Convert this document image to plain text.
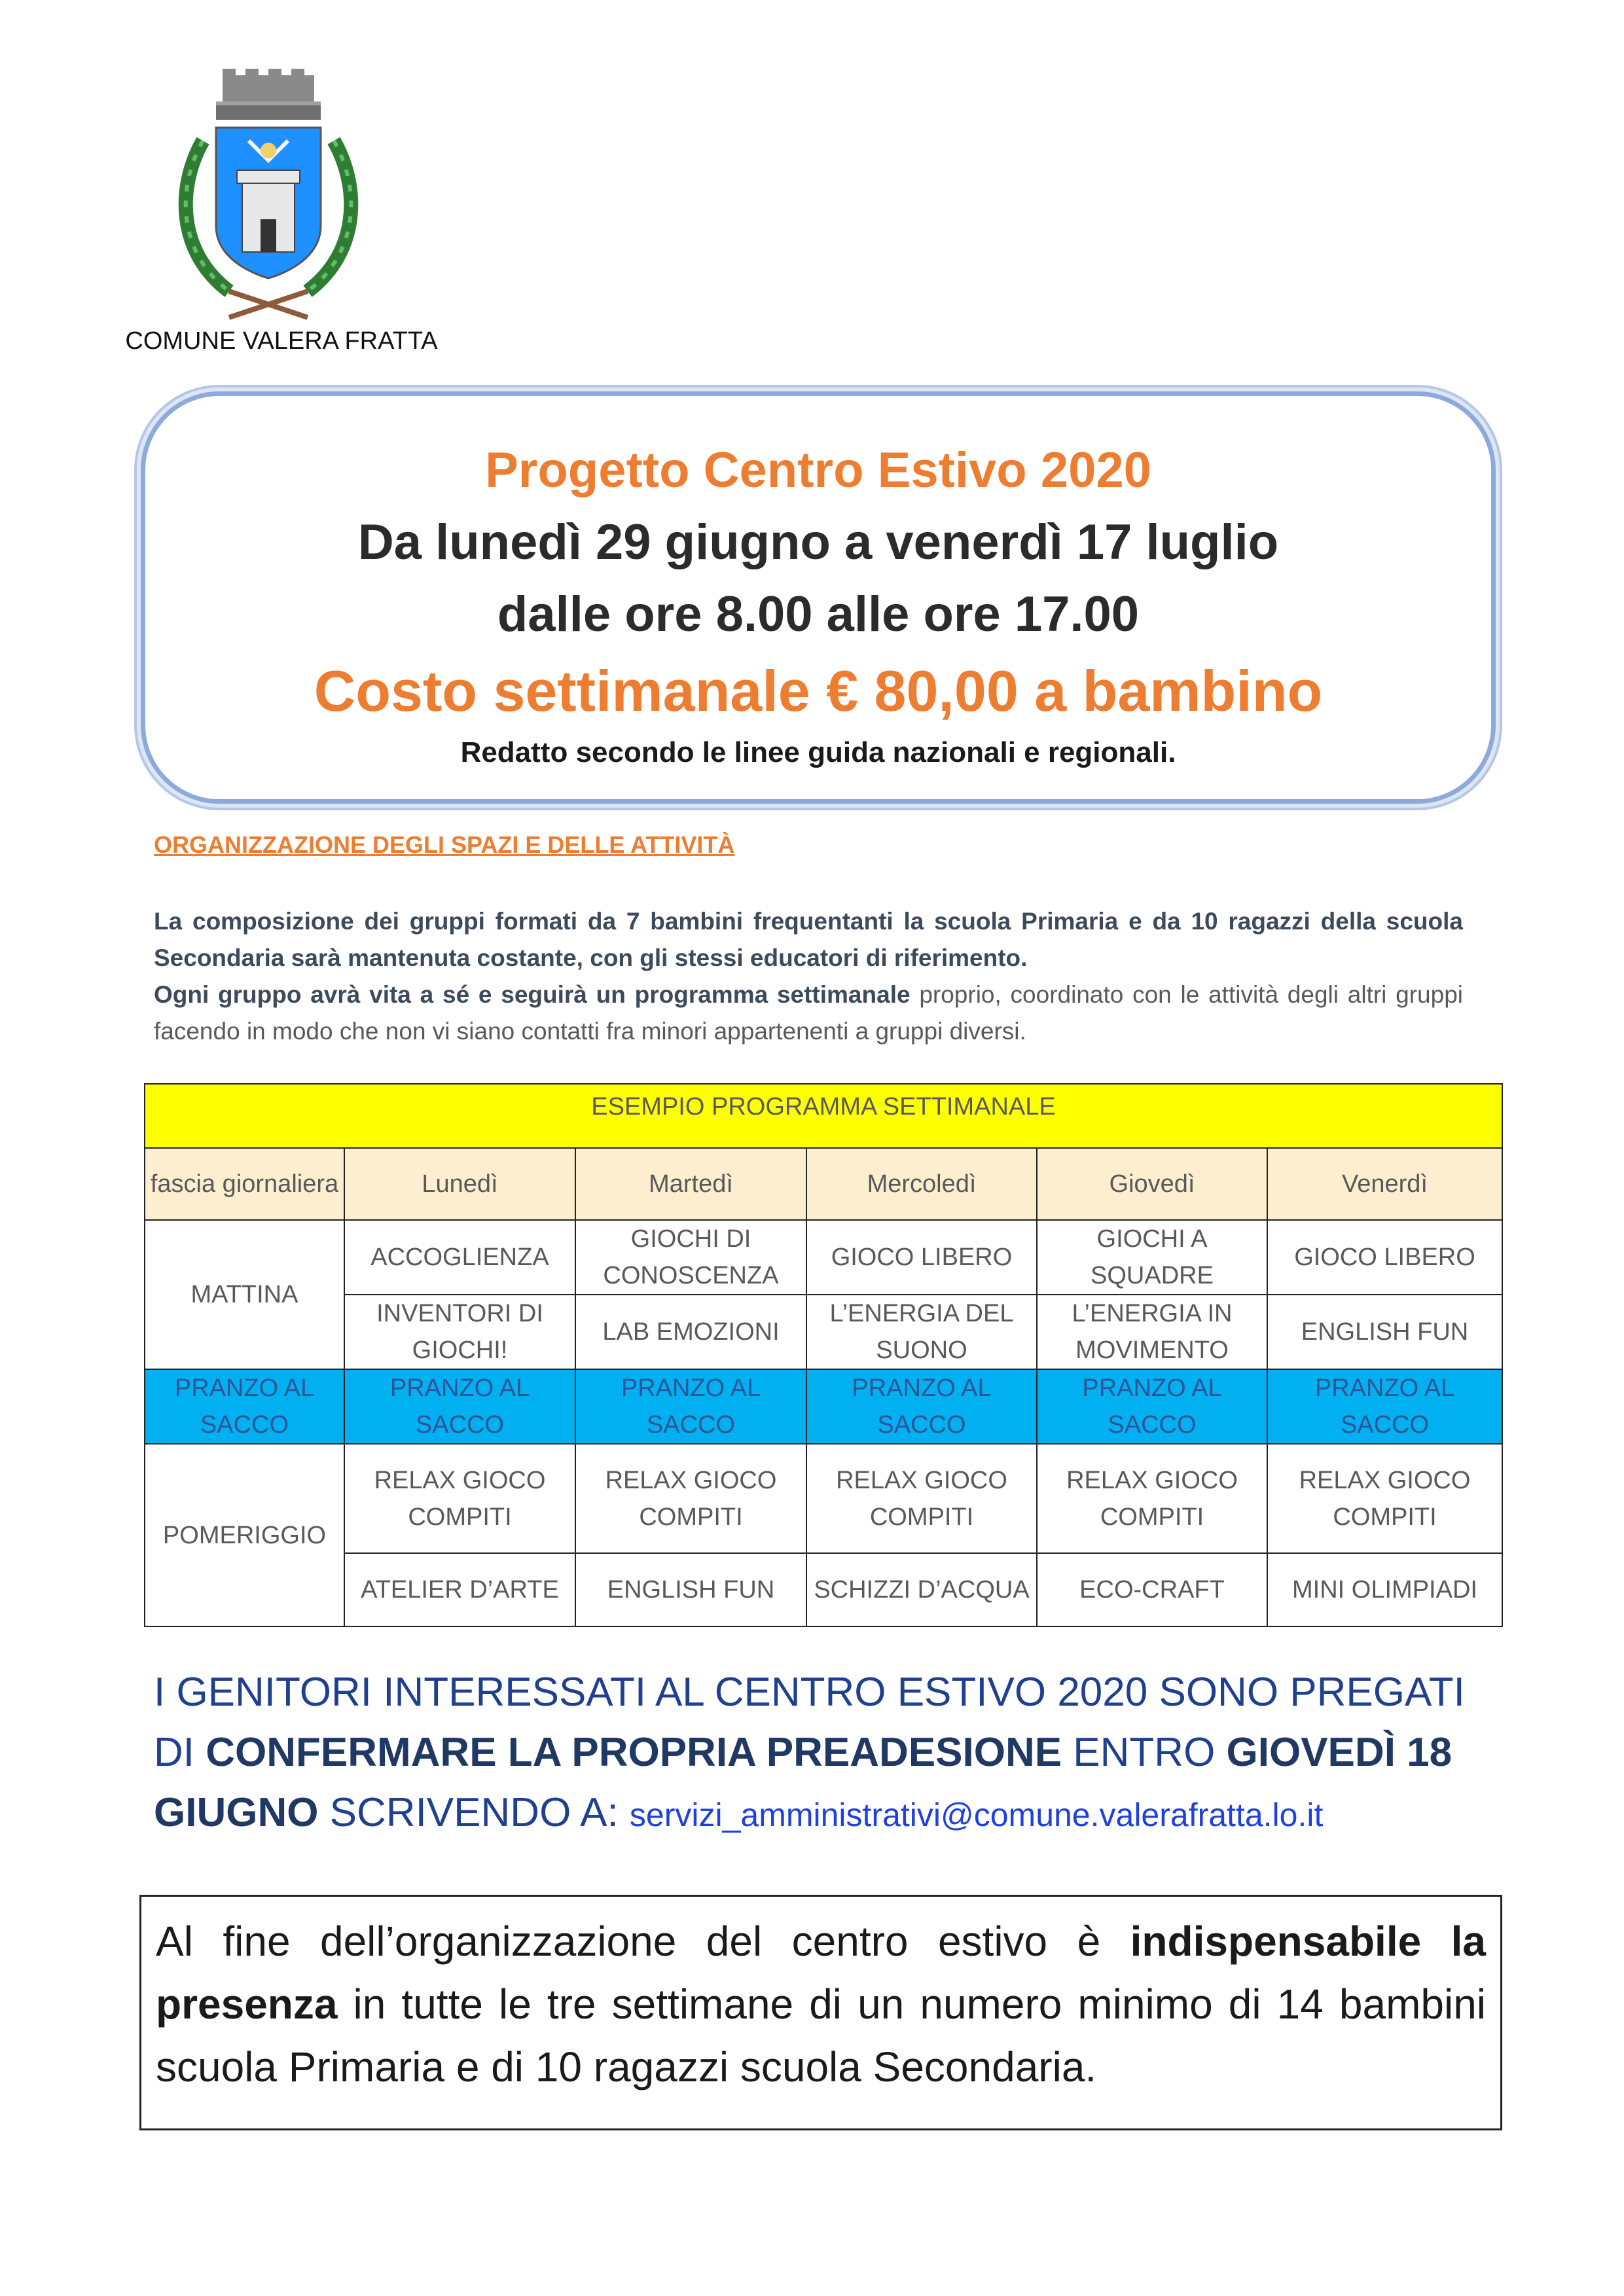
COMUNE VALERA FRATTA
Progetto Centro Estivo 2020
Da lunedì 29 giugno a venerdì 17 luglio
dalle ore 8.00 alle ore 17.00
Costo settimanale € 80,00 a bambino
Redatto secondo le linee guida nazionali e regionali.
ORGANIZZAZIONE DEGLI SPAZI E DELLE ATTIVITÀ
La composizione dei gruppi formati da 7 bambini frequentanti la scuola Primaria e da 10 ragazzi della scuola Secondaria sarà mantenuta costante, con gli stessi educatori di riferimento.
Ogni gruppo avrà vita a sé e seguirà un programma settimanale proprio, coordinato con le attività degli altri gruppi facendo in modo che non vi siano contatti fra minori appartenenti a gruppi diversi.
ESEMPIO PROGRAMMA SETTIMANALE					
fascia giornaliera	Lunedì	Martedì	Mercoledì	Giovedì	Venerdì
MATTINA	ACCOGLIENZA	GIOCHI DI CONOSCENZA	GIOCO LIBERO	GIOCHI A SQUADRE	GIOCO LIBERO
	INVENTORI DI GIOCHI!	LAB EMOZIONI	L’ENERGIA DEL SUONO	L’ENERGIA IN MOVIMENTO	ENGLISH FUN
PRANZO AL SACCO	PRANZO AL SACCO	PRANZO AL SACCO	PRANZO AL SACCO	PRANZO AL SACCO	PRANZO AL SACCO
POMERIGGIO	RELAX GIOCO COMPITI	RELAX GIOCO COMPITI	RELAX GIOCO COMPITI	RELAX GIOCO COMPITI	RELAX GIOCO COMPITI
	ATELIER D’ARTE	ENGLISH FUN	SCHIZZI D’ACQUA	ECO-CRAFT	MINI OLIMPIADI
I GENITORI INTERESSATI AL CENTRO ESTIVO 2020 SONO PREGATI DI CONFERMARE LA PROPRIA PREADESIONE ENTRO GIOVEDÌ 18 GIUGNO SCRIVENDO A: servizi_amministrativi@comune.valerafratta.lo.it
Al fine dell’organizzazione del centro estivo è indispensabile la presenza in tutte le tre settimane di un numero minimo di 14 bambini scuola Primaria e di 10 ragazzi scuola Secondaria.
